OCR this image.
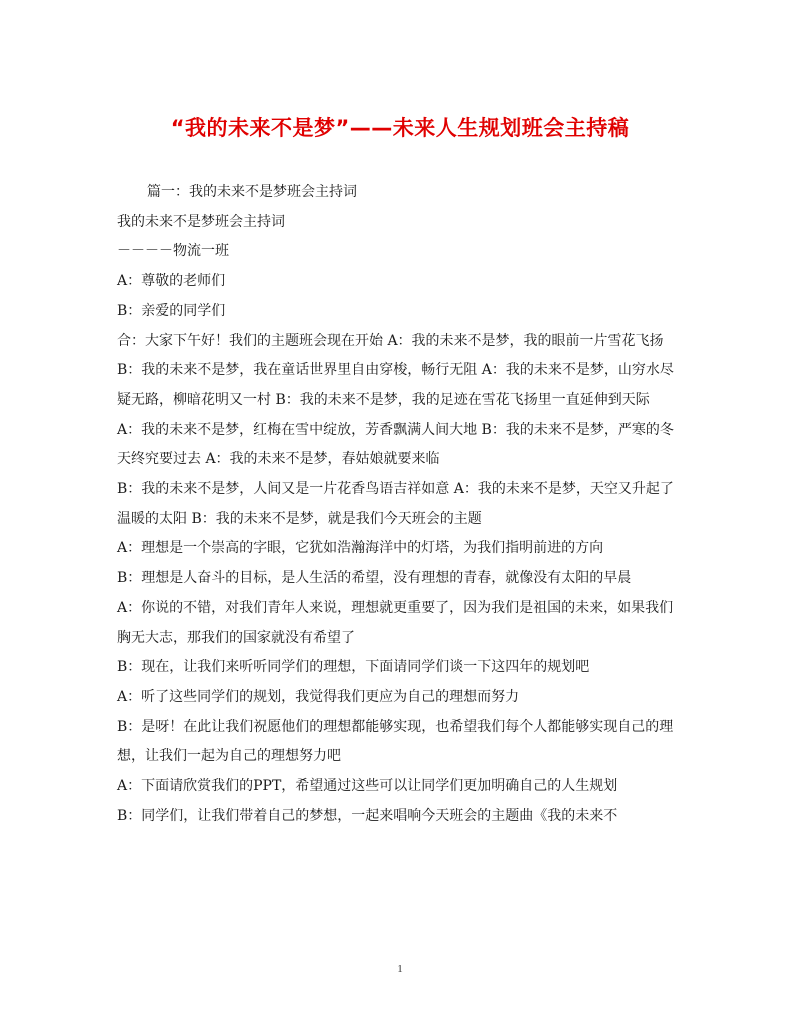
“我的未来不是梦”——未来人生规划班会主持稿

篇一：我的未来不是梦班会主持词

我的未来不是梦班会主持词

－－－－物流一班

A：尊敬的老师们

B：亲爱的同学们

合：大家下午好！我们的主题班会现在开始 A：我的未来不是梦，我的眼前一片雪花飞扬

B：我的未来不是梦，我在童话世界里自由穿梭，畅行无阻 A：我的未来不是梦，山穷水尽疑无路，柳暗花明又一村 B：我的未来不是梦，我的足迹在雪花飞扬里一直延伸到天际

A：我的未来不是梦，红梅在雪中绽放，芳香飘满人间大地 B：我的未来不是梦，严寒的冬天终究要过去 A：我的未来不是梦，春姑娘就要来临

B：我的未来不是梦，人间又是一片花香鸟语吉祥如意 A：我的未来不是梦，天空又升起了温暖的太阳 B：我的未来不是梦，就是我们今天班会的主题

A：理想是一个崇高的字眼，它犹如浩瀚海洋中的灯塔，为我们指明前进的方向

B：理想是人奋斗的目标，是人生活的希望，没有理想的青春，就像没有太阳的早晨

A：你说的不错，对我们青年人来说，理想就更重要了，因为我们是祖国的未来，如果我们胸无大志，那我们的国家就没有希望了

B：现在，让我们来听听同学们的理想，下面请同学们谈一下这四年的规划吧

A：听了这些同学们的规划，我觉得我们更应为自己的理想而努力

B：是呀！在此让我们祝愿他们的理想都能够实现，也希望我们每个人都能够实现自己的理想，让我们一起为自己的理想努力吧

A：下面请欣赏我们的PPT，希望通过这些可以让同学们更加明确自己的人生规划

B：同学们，让我们带着自己的梦想，一起来唱响今天班会的主题曲《我的未来不

1
